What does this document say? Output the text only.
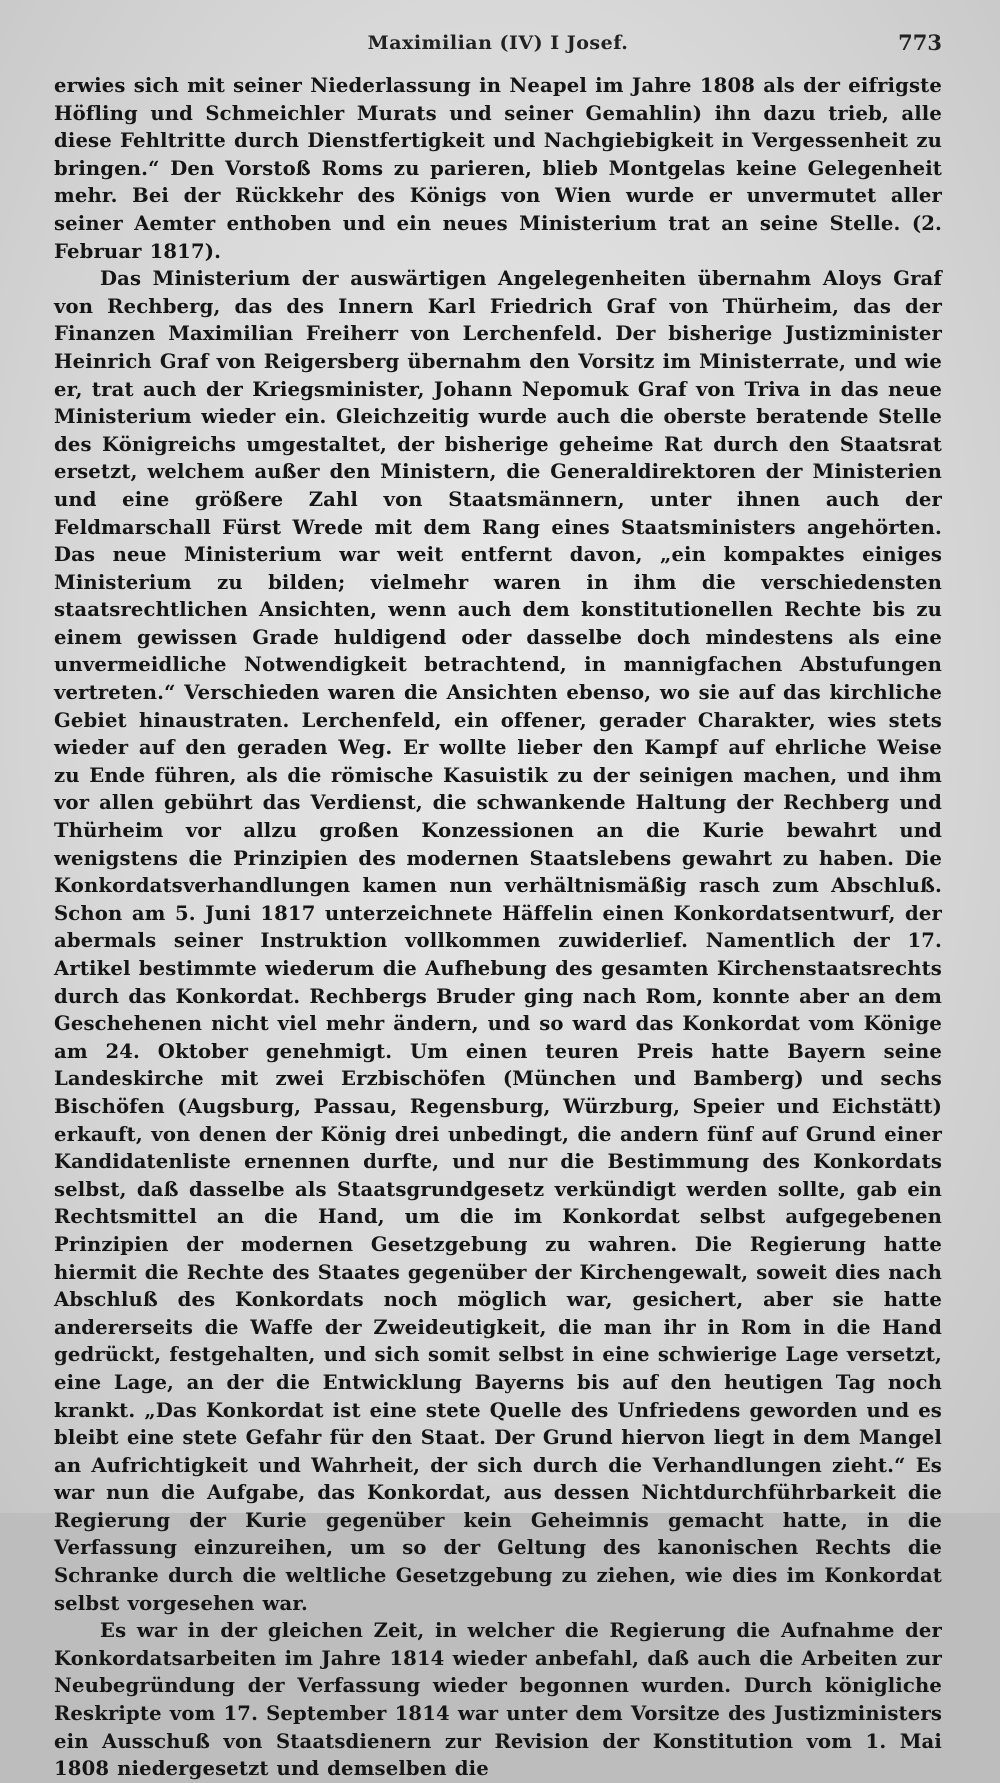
Maximilian (IV) I Josef.	773

erwies sich mit seiner Niederlassung in Neapel im Jahre 1808 als der eifrigste Höfling und Schmeichler Murats und seiner Gemahlin) ihn dazu trieb, alle diese Fehltritte durch Dienstfertigkeit und Nachgiebigkeit in Vergessenheit zu bringen.“ Den Vorstoß Roms zu parieren, blieb Montgelas keine Gelegenheit mehr. Bei der Rückkehr des Königs von Wien wurde er unvermutet aller seiner Aemter enthoben und ein neues Ministerium trat an seine Stelle. (2. Februar 1817).

Das Ministerium der auswärtigen Angelegenheiten übernahm Aloys Graf von Rechberg, das des Innern Karl Friedrich Graf von Thürheim, das der Finanzen Maximilian Freiherr von Lerchenfeld. Der bisherige Justizminister Heinrich Graf von Reigersberg übernahm den Vorsitz im Ministerrate, und wie er, trat auch der Kriegsminister, Johann Nepomuk Graf von Triva in das neue Ministerium wieder ein. Gleichzeitig wurde auch die oberste beratende Stelle des Königreichs umgestaltet, der bisherige geheime Rat durch den Staatsrat ersetzt, welchem außer den Ministern, die Generaldirektoren der Ministerien und eine größere Zahl von Staatsmännern, unter ihnen auch der Feldmarschall Fürst Wrede mit dem Rang eines Staatsministers angehörten. Das neue Ministerium war weit entfernt davon, „ein kompaktes einiges Ministerium zu bilden; vielmehr waren in ihm die verschiedensten staatsrechtlichen Ansichten, wenn auch dem konstitutionellen Rechte bis zu einem gewissen Grade huldigend oder dasselbe doch mindestens als eine unvermeidliche Notwendigkeit betrachtend, in mannigfachen Abstufungen vertreten.“ Verschieden waren die Ansichten ebenso, wo sie auf das kirchliche Gebiet hinaustraten. Lerchenfeld, ein offener, gerader Charakter, wies stets wieder auf den geraden Weg. Er wollte lieber den Kampf auf ehrliche Weise zu Ende führen, als die römische Kasuistik zu der seinigen machen, und ihm vor allen gebührt das Verdienst, die schwankende Haltung der Rechberg und Thürheim vor allzu großen Konzessionen an die Kurie bewahrt und wenigstens die Prinzipien des modernen Staatslebens gewahrt zu haben. Die Konkordatsverhandlungen kamen nun verhältnismäßig rasch zum Abschluß. Schon am 5. Juni 1817 unterzeichnete Häffelin einen Konkordatsentwurf, der abermals seiner Instruktion vollkommen zuwiderlief. Namentlich der 17. Artikel bestimmte wiederum die Aufhebung des gesamten Kirchenstaatsrechts durch das Konkordat. Rechbergs Bruder ging nach Rom, konnte aber an dem Geschehenen nicht viel mehr ändern, und so ward das Konkordat vom Könige am 24. Oktober genehmigt. Um einen teuren Preis hatte Bayern seine Landeskirche mit zwei Erzbischöfen (München und Bamberg) und sechs Bischöfen (Augsburg, Passau, Regensburg, Würzburg, Speier und Eichstätt) erkauft, von denen der König drei unbedingt, die andern fünf auf Grund einer Kandidatenliste ernennen durfte, und nur die Bestimmung des Konkordats selbst, daß dasselbe als Staatsgrundgesetz verkündigt werden sollte, gab ein Rechtsmittel an die Hand, um die im Konkordat selbst aufgegebenen Prinzipien der modernen Gesetzgebung zu wahren. Die Regierung hatte hiermit die Rechte des Staates gegenüber der Kirchengewalt, soweit dies nach Abschluß des Konkordats noch möglich war, gesichert, aber sie hatte andererseits die Waffe der Zweideutigkeit, die man ihr in Rom in die Hand gedrückt, festgehalten, und sich somit selbst in eine schwierige Lage versetzt, eine Lage, an der die Entwicklung Bayerns bis auf den heutigen Tag noch krankt. „Das Konkordat ist eine stete Quelle des Unfriedens geworden und es bleibt eine stete Gefahr für den Staat. Der Grund hiervon liegt in dem Mangel an Aufrichtigkeit und Wahrheit, der sich durch die Verhandlungen zieht.“ Es war nun die Aufgabe, das Konkordat, aus dessen Nichtdurchführbarkeit die Regierung der Kurie gegenüber kein Geheimnis gemacht hatte, in die Verfassung einzureihen, um so der Geltung des kanonischen Rechts die Schranke durch die weltliche Gesetzgebung zu ziehen, wie dies im Konkordat selbst vorgesehen war.

Es war in der gleichen Zeit, in welcher die Regierung die Aufnahme der Konkordatsarbeiten im Jahre 1814 wieder anbefahl, daß auch die Arbeiten zur Neubegründung der Verfassung wieder begonnen wurden. Durch königliche Reskripte vom 17. September 1814 war unter dem Vorsitze des Justizministers ein Ausschuß von Staatsdienern zur Revision der Konstitution vom 1. Mai 1808 niedergesetzt und demselben die
